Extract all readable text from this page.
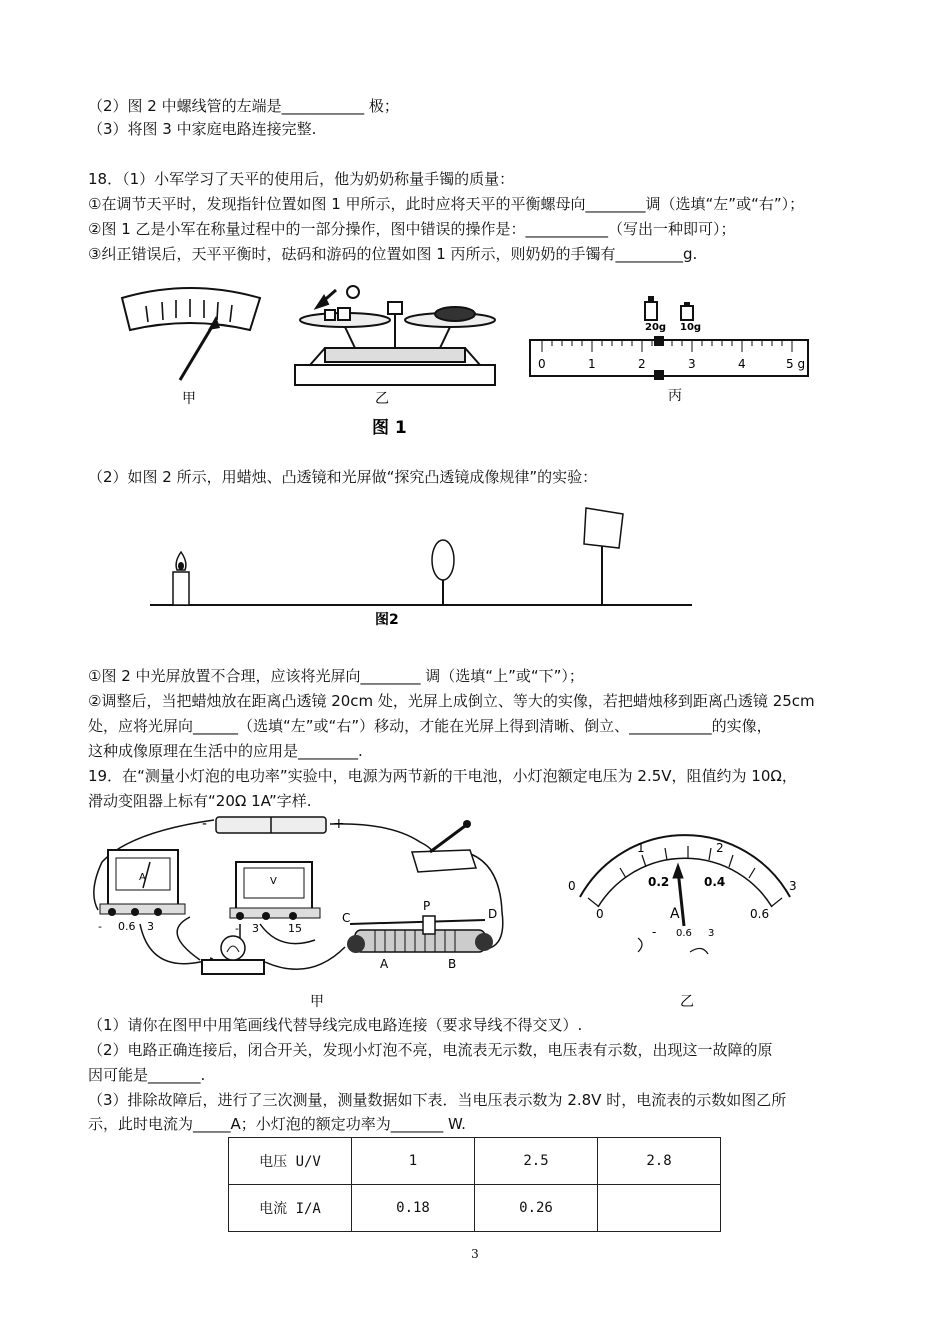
（2）图 2 中螺线管的左端是___________ 极；
（3）将图 3 中家庭电路连接完整.
18．（1）小军学习了天平的使用后，他为奶奶称量手镯的质量：
①在调节天平时，发现指针位置如图 1 甲所示，此时应将天平的平衡螺母向________调（选填“左”或“右”）；
②图 1 乙是小军在称量过程中的一部分操作，图中错误的操作是：___________（写出一种即可）；
③纠正错误后，天平平衡时，砝码和游码的位置如图 1 丙所示，则奶奶的手镯有_________g.
甲	乙
20g 10g
0	1	2	3	4	5 g
丙
图 1
（2）如图 2 所示，用蜡烛、凸透镜和光屏做“探究凸透镜成像规律”的实验：
图2
①图 2 中光屏放置不合理，应该将光屏向________ 调（选填“上”或“下”）；
②调整后，当把蜡烛放在距离凸透镜 20cm 处，光屏上成倒立、等大的实像，若把蜡烛移到距离凸透镜 25cm
处，应将光屏向______（选填“左”或“右”）移动，才能在光屏上得到清晰、倒立、___________的实像，
这种成像原理在生活中的应用是________.
19．在“测量小灯泡的电功率”实验中，电源为两节新的干电池，小灯泡额定电压为 2.5V，阻值约为 10Ω，
滑动变阻器上标有“20Ω 1A”字样.
-	+
A
- 0.6 3
V
- 3	15
C
P
D
A	B
甲
0
1	2
3
0
0.2	0.4
0.6
A
- 0.6 3
乙
（1）请你在图甲中用笔画线代替导线完成电路连接（要求导线不得交叉）.
（2）电路正确连接后，闭合开关，发现小灯泡不亮，电流表无示数，电压表有示数，出现这一故障的原
因可能是_______.
（3）排除故障后，进行了三次测量，测量数据如下表．当电压表示数为 2.8V 时，电流表的示数如图乙所
示，此时电流为_____A；小灯泡的额定功率为_______ W.
电压 U/V	1	2.5	2.8
电流 I/A	0.18	0.26	
3
